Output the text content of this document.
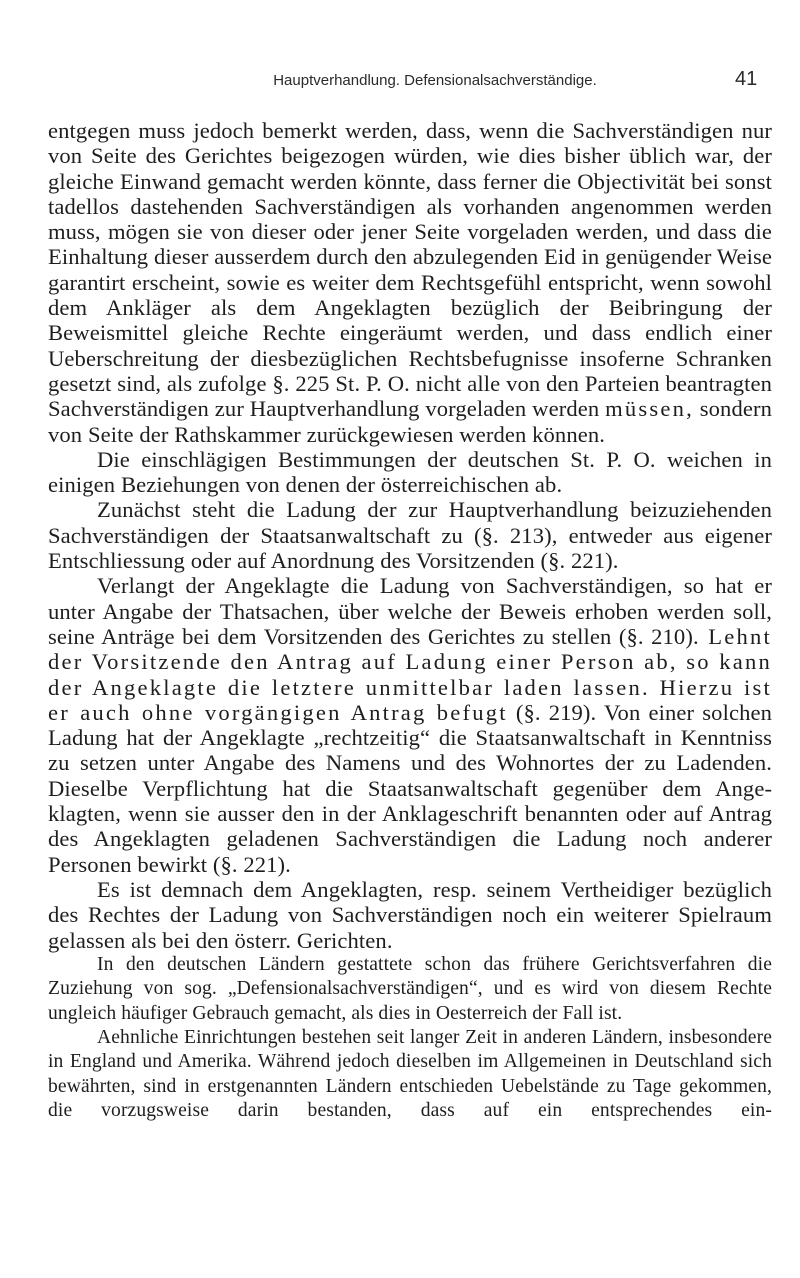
Hauptverhandlung. Defensionalsachverständige.	41

entgegen muss jedoch bemerkt werden, dass, wenn die Sachverständigen nur von Seite des Gerichtes beigezogen würden, wie dies bisher üblich war, der gleiche Einwand gemacht werden könnte, dass ferner die Objectivität bei sonst tadellos dastehenden Sachverständigen als vorhanden angenommen werden muss, mögen sie von dieser oder jener Seite vorgeladen werden, und dass die Einhaltung dieser ausserdem durch den abzulegenden Eid in genügender Weise garantirt erscheint, sowie es weiter dem Rechtsgefühl entspricht, wenn sowohl dem Ankläger als dem Angeklagten bezüglich der Beibringung der Beweismittel gleiche Rechte eingeräumt werden, und dass endlich einer Ueberschreitung der diesbezüglichen Rechtsbefugnisse insoferne Schranken gesetzt sind, als zufolge §. 225 St. P. O. nicht alle von den Parteien beantragten Sachverständigen zur Hauptverhandlung vorgeladen werden müssen, sondern von Seite der Rathskammer zurückgewiesen werden können.

Die einschlägigen Bestimmungen der deutschen St. P. O. weichen in einigen Beziehungen von denen der österreichischen ab.

Zunächst steht die Ladung der zur Hauptverhandlung beizuziehenden Sachverständigen der Staatsanwaltschaft zu (§. 213), entweder aus eigener Entschliessung oder auf Anordnung des Vorsitzenden (§. 221).

Verlangt der Angeklagte die Ladung von Sachverständigen, so hat er unter Angabe der Thatsachen, über welche der Beweis erhoben werden soll, seine Anträge bei dem Vorsitzenden des Gerichtes zu stellen (§. 210). Lehnt der Vorsitzende den Antrag auf Ladung einer Person ab, so kann der Angeklagte die letztere unmittelbar laden lassen. Hierzu ist er auch ohne vorgängigen Antrag befugt (§. 219). Von einer solchen Ladung hat der Angeklagte „rechtzeitig“ die Staatsanwaltschaft in Kenntniss zu setzen unter Angabe des Namens und des Wohnortes der zu Ladenden. Dieselbe Verpflichtung hat die Staatsanwaltschaft gegenüber dem Angeklagten, wenn sie ausser den in der Anklageschrift benannten oder auf Antrag des Angeklagten geladenen Sachverständigen die Ladung noch anderer Personen bewirkt (§. 221).

Es ist demnach dem Angeklagten, resp. seinem Vertheidiger bezüglich des Rechtes der Ladung von Sachverständigen noch ein weiterer Spielraum gelassen als bei den österr. Gerichten.

In den deutschen Ländern gestattete schon das frühere Gerichtsverfahren die Zuziehung von sog. „Defensionalsachverständigen“, und es wird von diesem Rechte ungleich häufiger Gebrauch gemacht, als dies in Oesterreich der Fall ist.

Aehnliche Einrichtungen bestehen seit langer Zeit in anderen Ländern, insbesondere in England und Amerika. Während jedoch dieselben im Allgemeinen in Deutschland sich bewährten, sind in erstgenannten Ländern entschieden Uebelstände zu Tage gekommen, die vorzugsweise darin bestanden, dass auf ein entsprechendes ein-
